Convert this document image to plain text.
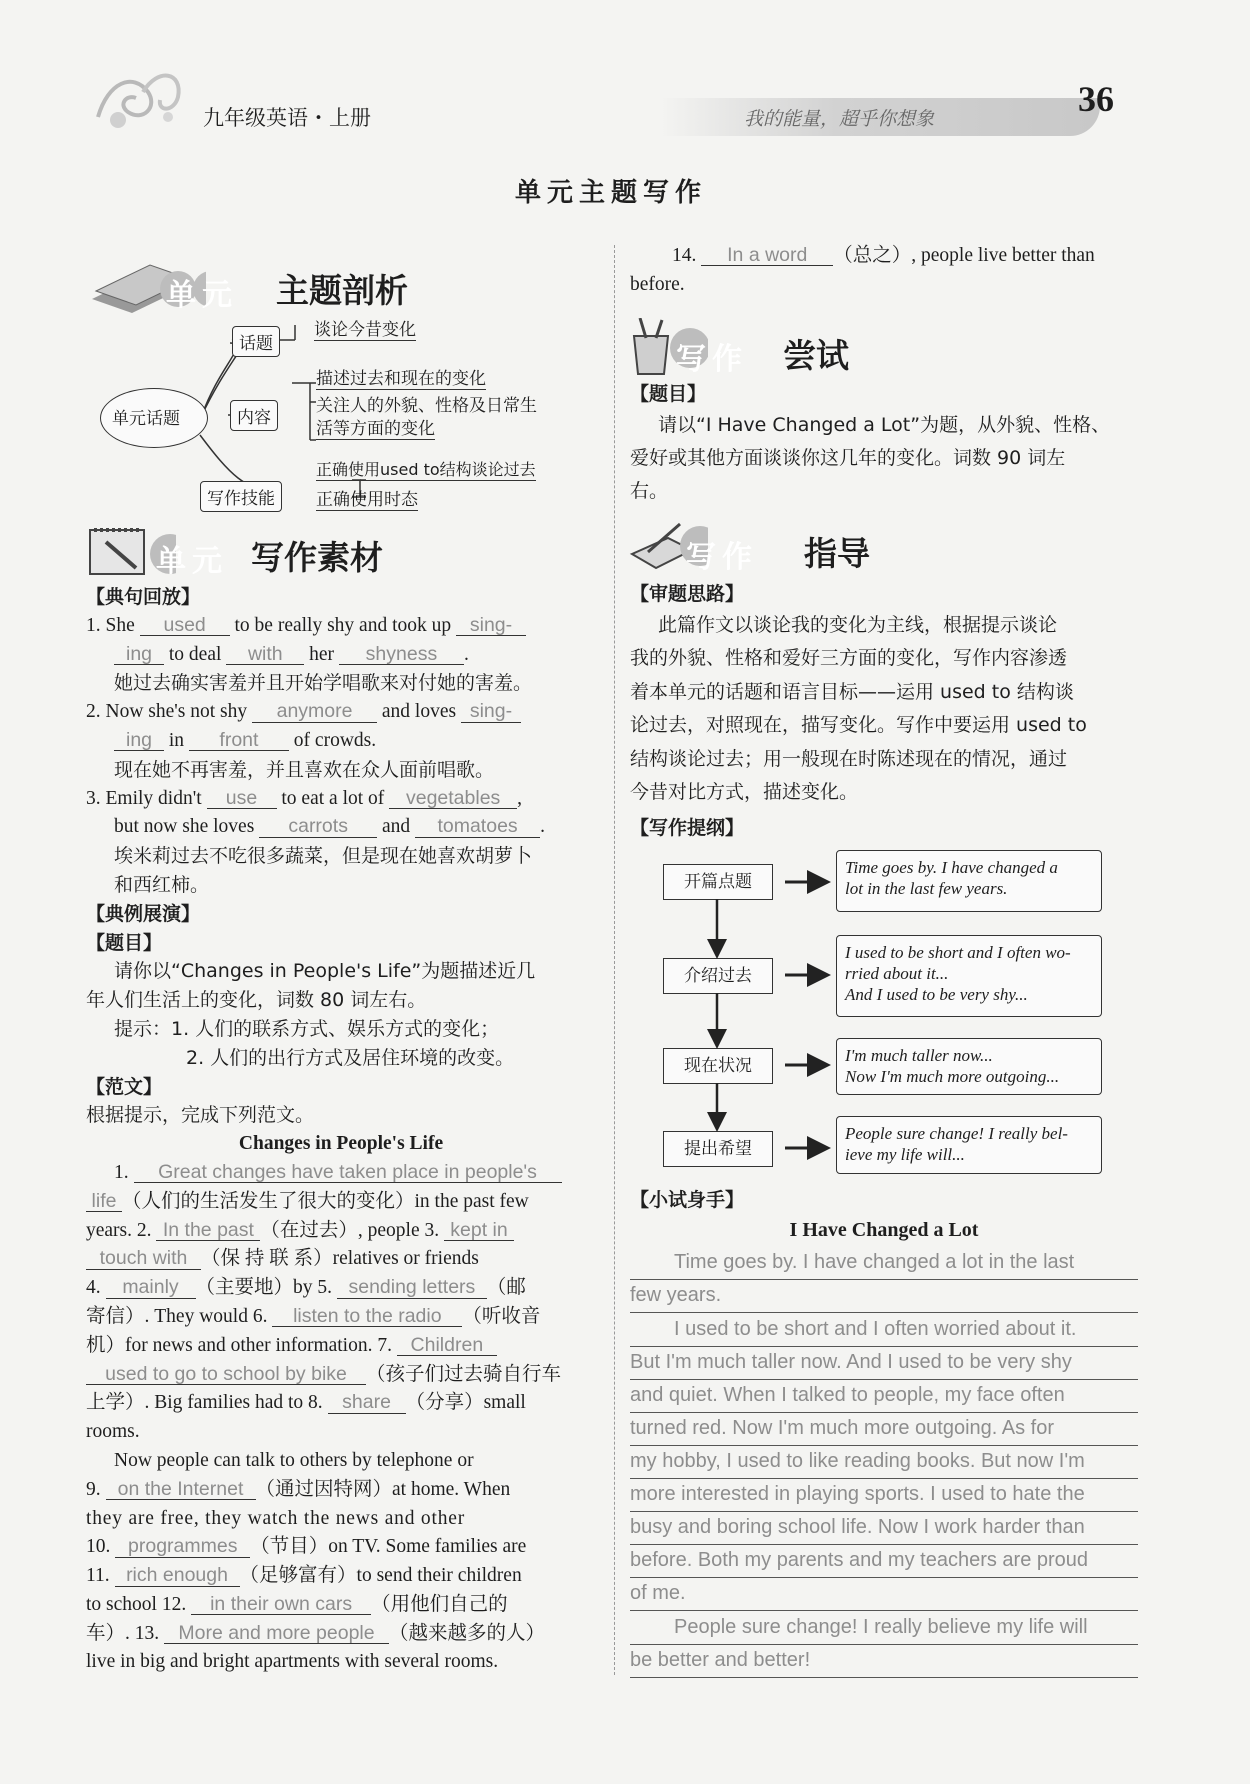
九年级英语・上册	我的能量，超乎你想象	36
单元主题写作
单元 主题剖析
单元话题
话题
谈论今昔变化
内容
描述过去和现在的变化
关注人的外貌、性格及日常生
活等方面的变化
写作技能
正确使用used to结构谈论过去
正确使用时态
单元 写作素材

【典句回放】

1. She used to be really shy and took up sing-

ing to deal with her shyness .

她过去确实害羞并且开始学唱歌来对付她的害羞。

2. Now she's not shy anymore and loves sing-

ing in front of crowds.

现在她不再害羞，并且喜欢在众人面前唱歌。

3. Emily didn't use to eat a lot of vegetables ,

but now she loves carrots and tomatoes .

埃米莉过去不吃很多蔬菜，但是现在她喜欢胡萝卜

和西红柿。

【典例展演】

【题目】

请你以“Changes in People's Life”为题描述近几

年人们生活上的变化，词数 80 词左右。

提示：1. 人们的联系方式、娱乐方式的变化；

2. 人们的出行方式及居住环境的改变。

【范文】

根据提示，完成下列范文。

Changes in People's Life

1. Great changes have taken place in people's

life （人们的生活发生了很大的变化）in the past few

years. 2. In the past （在过去）, people 3. kept in

touch with （保 持 联 系）relatives or friends

4. mainly （主要地）by 5. sending letters （邮

寄信）. They would 6. listen to the radio （听收音

机）for news and other information. 7. Children

used to go to school by bike （孩子们过去骑自行车

上学）. Big families had to 8. share （分享）small

rooms.

Now people can talk to others by telephone or

9. on the Internet （通过因特网）at home. When

they are free, they watch the news and other

10. programmes （节目）on TV. Some families are

11. rich enough （足够富有）to send their children

to school 12. in their own cars （用他们自己的

车）. 13. More and more people （越来越多的人）

live in big and bright apartments with several rooms.

14. In a word （总之）, people live better than

before.

写作 尝试

【题目】

请以“I Have Changed a Lot”为题，从外貌、性格、

爱好或其他方面谈谈你这几年的变化。词数 90 词左

右。

写作 指导

【审题思路】

此篇作文以谈论我的变化为主线，根据提示谈论

我的外貌、性格和爱好三方面的变化，写作内容渗透

着本单元的话题和语言目标——运用 used to 结构谈

论过去，对照现在，描写变化。写作中要运用 used to

结构谈论过去；用一般现在时陈述现在的情况，通过

今昔对比方式，描述变化。

【写作提纲】

开篇点题
介绍过去
现在状况
提出希望
Time goes by. I have changed a
lot in the last few years.
I used to be short and I often wo-
rried about it...
And I used to be very shy...
I'm much taller now...
Now I'm much more outgoing...
People sure change! I really bel-
ieve my life will...
【小试身手】
I Have Changed a Lot
Time goes by. I have changed a lot in the last
few years.
I used to be short and I often worried about it.
But I'm much taller now. And I used to be very shy
and quiet. When I talked to people, my face often
turned red. Now I'm much more outgoing. As for
my hobby, I used to like reading books. But now I'm
more interested in playing sports. I used to hate the
busy and boring school life. Now I work harder than
before. Both my parents and my teachers are proud
of me.
People sure change! I really believe my life will
be better and better!
